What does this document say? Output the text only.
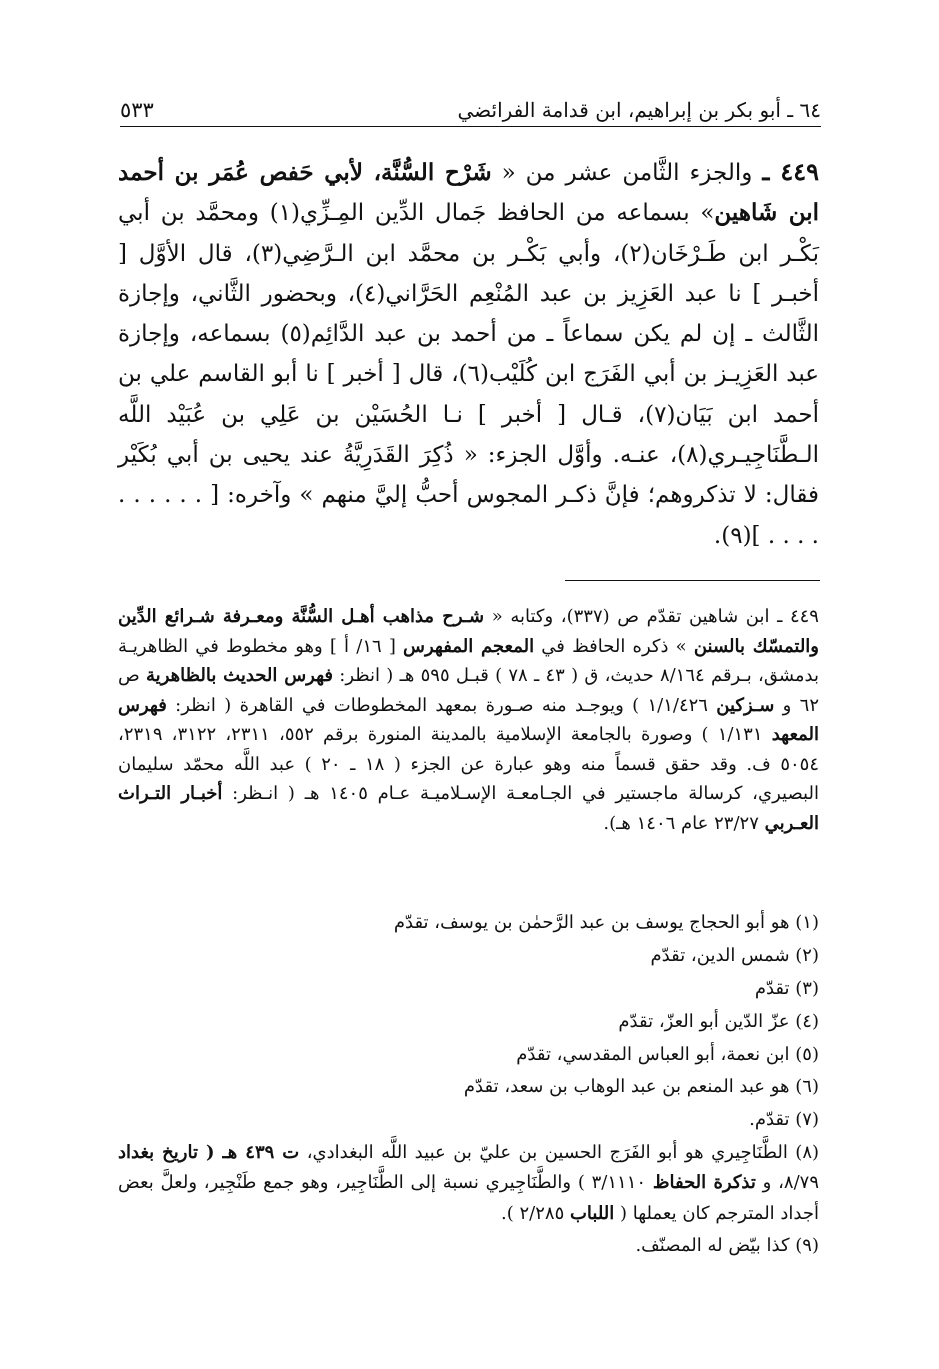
٦٤ ـ أبو بكر بن إبراهيم، ابن قدامة الفرائضي
٥٣٣
٤٤٩ ـ والجزء الثَّامن عشر من « شَرْح السُّنَّة، لأبي حَفص عُمَر بن أحمد ابن شَاهين» بسماعه من الحافظ جَمال الدِّين المِـزِّي(١) ومحمَّد بن أبي بَكْـر ابن طَـرْخَان(٢)، وأبي بَكْـر بن محمَّد ابن الـرَّضِي(٣)، قال الأوَّل [ أخبـر ] نا عبد العَزِيز بن عبد المُنْعِم الحَرَّاني(٤)، وبحضور الثَّاني، وإجازة الثَّالث ـ إن لم يكن سماعاً ـ من أحمد بن عبد الدَّائِم(٥) بسماعه، وإجازة عبد العَزِيـز بن أبي الفَرَج ابن كُلَيْب(٦)، قال [ أخبر ] نا أبو القاسم علي بن أحمد ابن بَيَان(٧)، قـال [ أخبر ] نـا الحُسَيْن بن عَلِي بن عُبَيْد اللَّه الـطَّنَاجِيـري(٨)، عنـه. وأوَّل الجزء: « ذُكِرَ القَدَرِيَّةُ عند يحيى بن أبي بُكَيْر فقال: لا تذكروهم؛ فإنَّ ذكـر المجوس أحبُّ إليَّ منهم » وآخره: [ . . . . . . . . . . ](٩).
٤٤٩ ـ ابن شاهين تقدّم ص (٣٣٧)، وكتابه « شـرح مذاهب أهـل السُّنَّة ومعـرفة شـرائع الدِّين والتمسّك بالسنن » ذكره الحافظ في المعجم المفهرس [ ١٦/ أ ] وهو مخطوط في الظاهريـة بدمشق، بـرقم ٨/١٦٤ حديث، ق ( ٤٣ ـ ٧٨ ) قبـل ٥٩٥ هـ ( انظر: فهرس الحديث بالظاهرية ص ٦٢ و سـزكين ١/١/٤٢٦ ) ويوجـد منه صـورة بمعهد المخطوطات في القاهرة ( انظر: فهرس المعهد ١/١٣١ ) وصورة بالجامعة الإسلامية بالمدينة المنورة برقم ٥٥٢، ٢٣١١، ٣١٢٢، ٢٣١٩، ٥٠٥٤ ف. وقد حقق قسماً منه وهو عبارة عن الجزء ( ١٨ ـ ٢٠ ) عبد اللَّه محمّد سليمان البصيري، كرسالة ماجستير في الجـامعـة الإسـلاميـة عـام ١٤٠٥ هـ ( انـظر: أخبـار التـراث العـربي ٢٣/٢٧ عام ١٤٠٦ هـ).
(١) هو أبو الحجاج يوسف بن عبد الرَّحمٰن بن يوسف، تقدّم
(٢) شمس الدين، تقدّم
(٣) تقدّم
(٤) عزّ الدّين أبو العزّ، تقدّم
(٥) ابن نعمة، أبو العباس المقدسي، تقدّم
(٦) هو عبد المنعم بن عبد الوهاب بن سعد، تقدّم
(٧) تقدّم.
(٨) الطَّنَاجِيري هو أبو الفَرَج الحسين بن عليّ بن عبيد اللَّه البغدادي، ت ٤٣٩ هـ ( تاريخ بغداد ٨/٧٩، و تذكرة الحفاظ ٣/١١١٠ ) والطَّنَاجِيري نسبة إلى الطَّنَاجِير، وهو جمع طَنْجِير، ولعلَّ بعض أجداد المترجم كان يعملها ( اللباب ٢/٢٨٥ ).
(٩) كذا بيّض له المصنّف.
